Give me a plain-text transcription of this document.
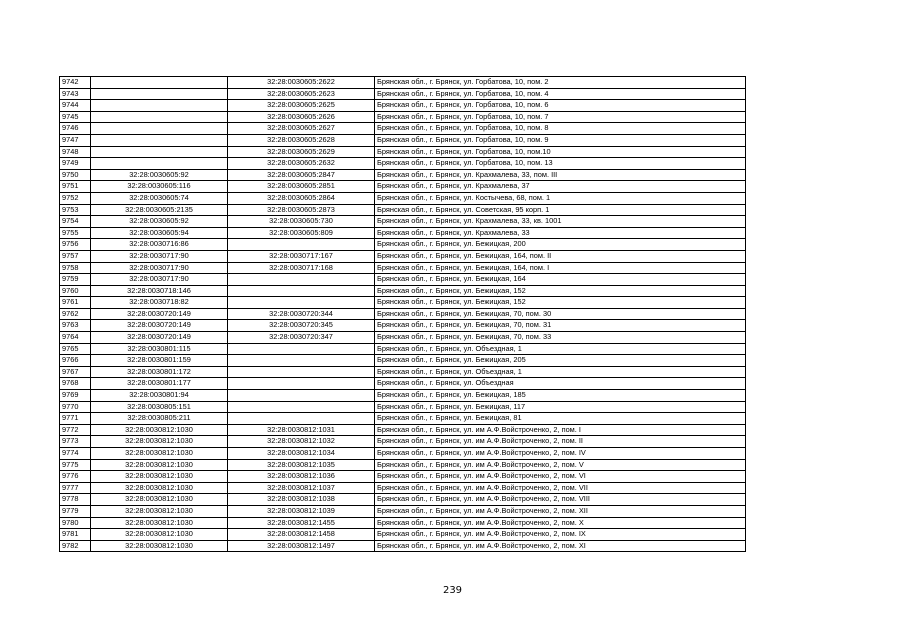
9742		32:28:0030605:2622	Брянская обл., г. Брянск, ул. Горбатова, 10, пом. 2
9743		32:28:0030605:2623	Брянская обл., г. Брянск, ул. Горбатова, 10, пом. 4
9744		32:28:0030605:2625	Брянская обл., г. Брянск, ул. Горбатова, 10, пом. 6
9745		32:28:0030605:2626	Брянская обл., г. Брянск, ул. Горбатова, 10, пом. 7
9746		32:28:0030605:2627	Брянская обл., г. Брянск, ул. Горбатова, 10, пом. 8
9747		32:28:0030605:2628	Брянская обл., г. Брянск, ул. Горбатова, 10, пом. 9
9748		32:28:0030605:2629	Брянская обл., г. Брянск, ул. Горбатова, 10, пом.10
9749		32:28:0030605:2632	Брянская обл., г. Брянск, ул. Горбатова, 10, пом. 13
9750	32:28:0030605:92	32:28:0030605:2847	Брянская обл., г. Брянск, ул. Крахмалева, 33, пом. III
9751	32:28:0030605:116	32:28:0030605:2851	Брянская обл., г. Брянск, ул. Крахмалева, 37
9752	32:28:0030605:74	32:28:0030605:2864	Брянская обл., г. Брянск, ул. Костычева, 68, пом. 1
9753	32:28:0030605:2135	32:28:0030605:2873	Брянская обл., г. Брянск, ул. Советская, 95 корп. 1
9754	32:28:0030605:92	32:28:0030605:730	Брянская обл., г. Брянск, ул. Крахмалева, 33, кв. 1001
9755	32:28:0030605:94	32:28:0030605:809	Брянская обл., г. Брянск, ул. Крахмалева, 33
9756	32:28:0030716:86		Брянская обл., г. Брянск, ул. Бежицкая, 200
9757	32:28:0030717:90	32:28:0030717:167	Брянская обл., г. Брянск, ул. Бежицкая, 164, пом. II
9758	32:28:0030717:90	32:28:0030717:168	Брянская обл., г. Брянск, ул. Бежицкая, 164, пом. I
9759	32:28:0030717:90		Брянская обл., г. Брянск, ул. Бежицкая, 164
9760	32:28:0030718:146		Брянская обл., г. Брянск, ул. Бежицкая, 152
9761	32:28:0030718:82		Брянская обл., г. Брянск, ул. Бежицкая, 152
9762	32:28:0030720:149	32:28:0030720:344	Брянская обл., г. Брянск, ул. Бежицкая, 70, пом. 30
9763	32:28:0030720:149	32:28:0030720:345	Брянская обл., г. Брянск, ул. Бежицкая, 70, пом. 31
9764	32:28:0030720:149	32:28:0030720:347	Брянская обл., г. Брянск, ул. Бежицкая, 70, пом. 33
9765	32:28:0030801:115		Брянская обл., г. Брянск, ул. Объездная, 1
9766	32:28:0030801:159		Брянская обл., г. Брянск, ул. Бежицкая, 205
9767	32:28:0030801:172		Брянская обл., г. Брянск, ул. Объездная, 1
9768	32:28:0030801:177		Брянская обл., г. Брянск, ул. Объездная
9769	32:28:0030801:94		Брянская обл., г. Брянск, ул. Бежицкая, 185
9770	32:28:0030805:151		Брянская обл., г. Брянск, ул. Бежицкая, 117
9771	32:28:0030805:211		Брянская обл., г. Брянск, ул. Бежицкая, 81
9772	32:28:0030812:1030	32:28:0030812:1031	Брянская обл., г. Брянск, ул. им А.Ф.Войстроченко, 2, пом. I
9773	32:28:0030812:1030	32:28:0030812:1032	Брянская обл., г. Брянск, ул. им А.Ф.Войстроченко, 2, пом. II
9774	32:28:0030812:1030	32:28:0030812:1034	Брянская обл., г. Брянск, ул. им А.Ф.Войстроченко, 2, пом. IV
9775	32:28:0030812:1030	32:28:0030812:1035	Брянская обл., г. Брянск, ул. им А.Ф.Войстроченко, 2, пом. V
9776	32:28:0030812:1030	32:28:0030812:1036	Брянская обл., г. Брянск, ул. им А.Ф.Войстроченко, 2, пом. VI
9777	32:28:0030812:1030	32:28:0030812:1037	Брянская обл., г. Брянск, ул. им А.Ф.Войстроченко, 2, пом. VII
9778	32:28:0030812:1030	32:28:0030812:1038	Брянская обл., г. Брянск, ул. им А.Ф.Войстроченко, 2, пом. VIII
9779	32:28:0030812:1030	32:28:0030812:1039	Брянская обл., г. Брянск, ул. им А.Ф.Войстроченко, 2, пом. XII
9780	32:28:0030812:1030	32:28:0030812:1455	Брянская обл., г. Брянск, ул. им А.Ф.Войстроченко, 2, пом. X
9781	32:28:0030812:1030	32:28:0030812:1458	Брянская обл., г. Брянск, ул. им А.Ф.Войстроченко, 2, пом. IX
9782	32:28:0030812:1030	32:28:0030812:1497	Брянская обл., г. Брянск, ул. им А.Ф.Войстроченко, 2, пом. XI
239
